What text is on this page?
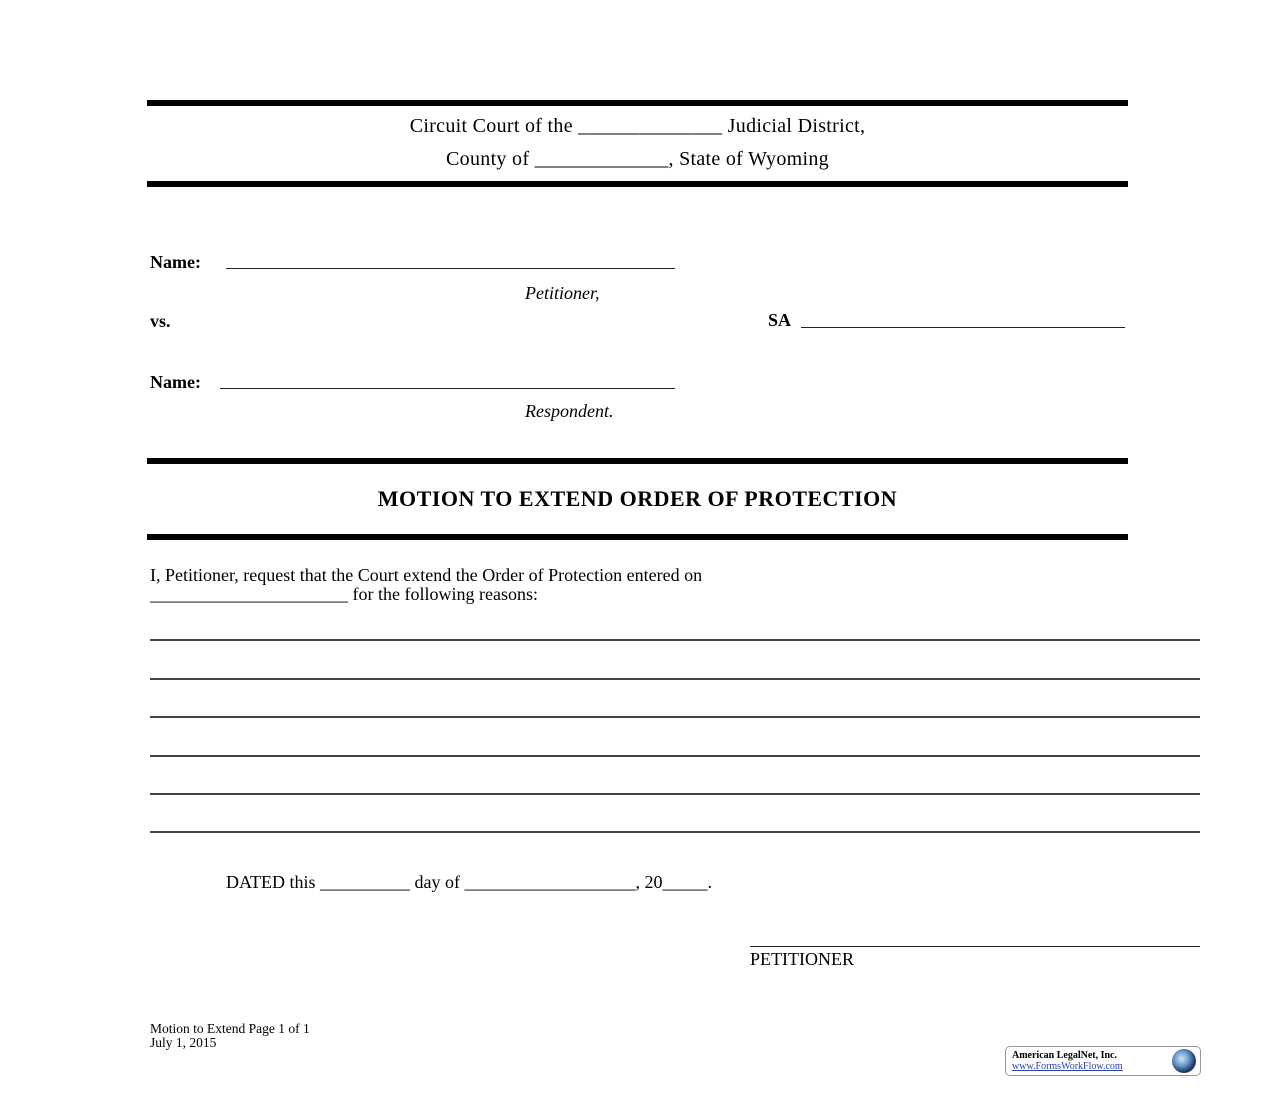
Circuit Court of the ______________ Judicial District,
County of _____________, State of Wyoming
Name:
Petitioner,
vs.	SA
Name:
Respondent.
MOTION TO EXTEND ORDER OF PROTECTION
I, Petitioner, request that the Court extend the Order of Protection entered on
______________________ for the following reasons:
DATED this __________ day of ___________________, 20_____.
PETITIONER
Motion to Extend Page 1 of 1
July 1, 2015
American LegalNet, Inc.
www.FormsWorkFlow.com
